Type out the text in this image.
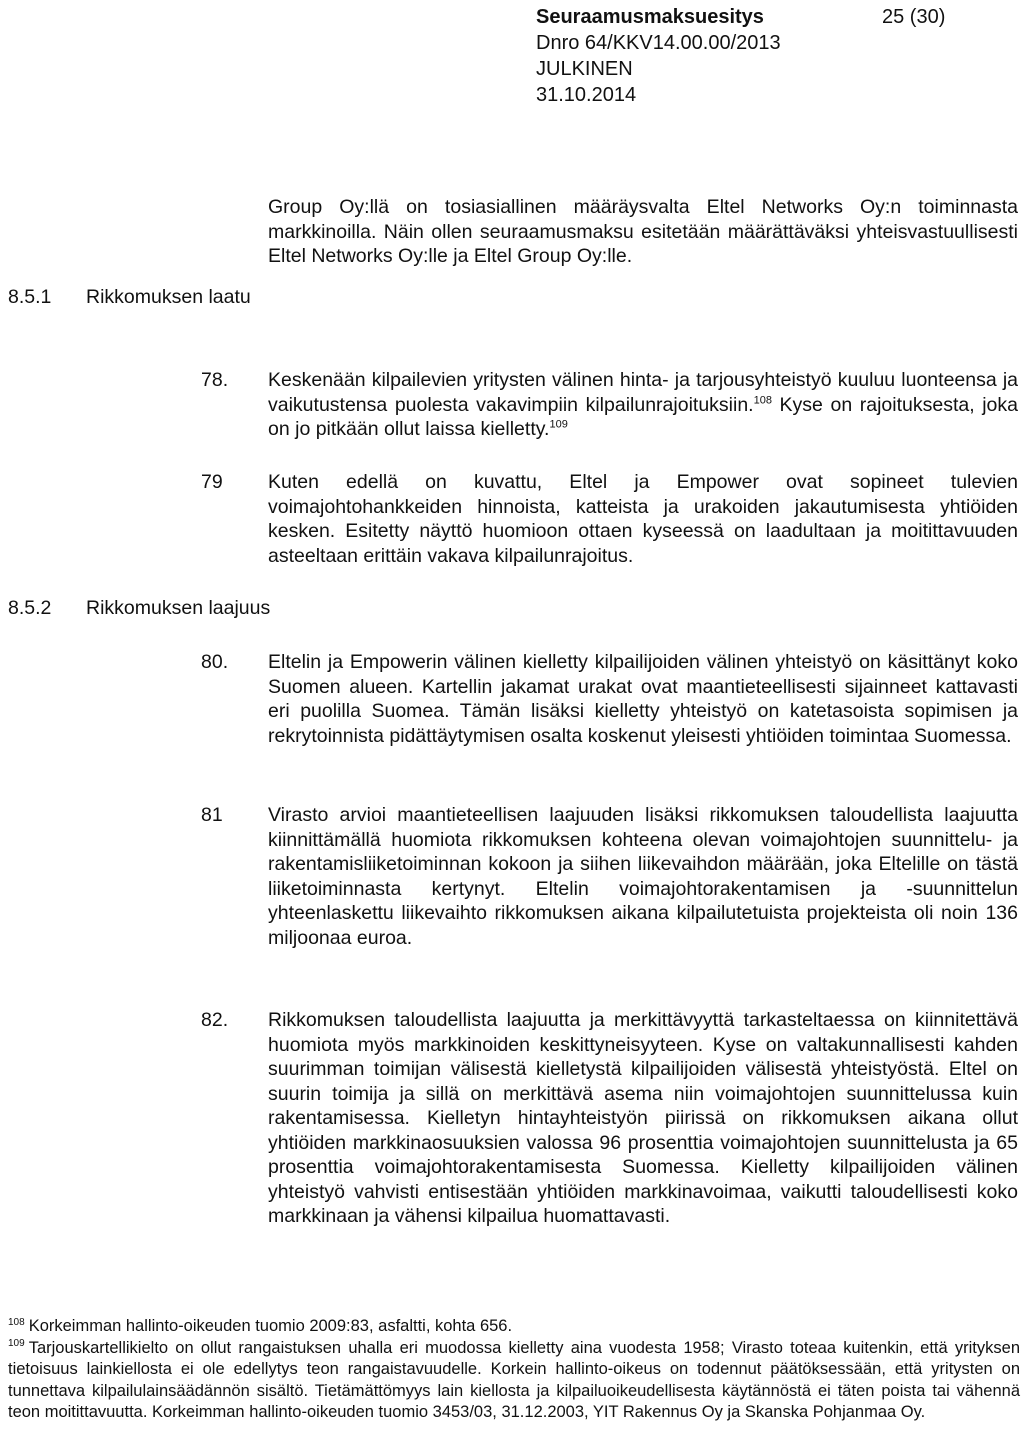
Seuraamusmaksuesitys	25 (30)
Dnro 64/KKV14.00.00/2013
JULKINEN
31.10.2014

Group Oy:llä on tosiasiallinen määräysvalta Eltel Networks Oy:n toiminnasta markkinoilla. Näin ollen seuraamusmaksu esitetään määrättäväksi yhteisvastuullisesti Eltel Networks Oy:lle ja Eltel Group Oy:lle.

8.5.1 Rikkomuksen laatu
78. Keskenään kilpailevien yritysten välinen hinta- ja tarjousyhteistyö kuuluu luonteensa ja vaikutustensa puolesta vakavimpiin kilpailunrajoituksiin.$^{108}$ Kyse on rajoituksesta, joka on jo pitkään ollut laissa kielletty.$^{109}$

79 Kuten edellä on kuvattu, Eltel ja Empower ovat sopineet tulevien voimajohtohankkeiden hinnoista, katteista ja urakoiden jakautumisesta yhtiöiden kesken. Esitetty näyttö huomioon ottaen kyseessä on laadultaan ja moitittavuuden asteeltaan erittäin vakava kilpailunrajoitus.

8.5.2 Rikkomuksen laajuus
80. Eltelin ja Empowerin välinen kielletty kilpailijoiden välinen yhteistyö on käsittänyt koko Suomen alueen. Kartellin jakamat urakat ovat maantieteellisesti sijainneet kattavasti eri puolilla Suomea. Tämän lisäksi kielletty yhteistyö on katetasoista sopimisen ja rekrytoinnista pidättäytymisen osalta koskenut yleisesti yhtiöiden toimintaa Suomessa.

81 Virasto arvioi maantieteellisen laajuuden lisäksi rikkomuksen taloudellista laajuutta kiinnittämällä huomiota rikkomuksen kohteena olevan voimajohtojen suunnittelu- ja rakentamisliiketoiminnan kokoon ja siihen liikevaihdon määrään, joka Eltelille on tästä liiketoiminnasta kertynyt. Eltelin voimajohtorakentamisen ja -suunnittelun yhteenlaskettu liikevaihto rikkomuksen aikana kilpailutetuista projekteista oli noin 136 miljoonaa euroa.

82. Rikkomuksen taloudellista laajuutta ja merkittävyyttä tarkasteltaessa on kiinnitettävä huomiota myös markkinoiden keskittyneisyyteen. Kyse on valtakunnallisesti kahden suurimman toimijan välisestä kielletystä kilpailijoiden välisestä yhteistyöstä. Eltel on suurin toimija ja sillä on merkittävä asema niin voimajohtojen suunnittelussa kuin rakentamisessa. Kielletyn hintayhteistyön piirissä on rikkomuksen aikana ollut yhtiöiden markkinaosuuksien valossa 96 prosenttia voimajohtojen suunnittelusta ja 65 prosenttia voimajohtorakentamisesta Suomessa. Kielletty kilpailijoiden välinen yhteistyö vahvisti entisestään yhtiöiden markkinavoimaa, vaikutti taloudellisesti koko markkinaan ja vähensi kilpailua huomattavasti.

$^{108}$ Korkeimman hallinto-oikeuden tuomio 2009:83, asfaltti, kohta 656.

$^{109}$ Tarjouskartellikielto on ollut rangaistuksen uhalla eri muodossa kielletty aina vuodesta 1958; Virasto toteaa kuitenkin, että yrityksen tietoisuus lainkiellosta ei ole edellytys teon rangaistavuudelle. Korkein hallinto-oikeus on todennut päätöksessään, että yritysten on tunnettava kilpailulainsäädännön sisältö. Tietämättömyys lain kiellosta ja kilpailuoikeudellisesta käytännöstä ei täten poista tai vähennä teon moitittavuutta. Korkeimman hallinto-oikeuden tuomio 3453/03, 31.12.2003, YIT Rakennus Oy ja Skanska Pohjanmaa Oy.
